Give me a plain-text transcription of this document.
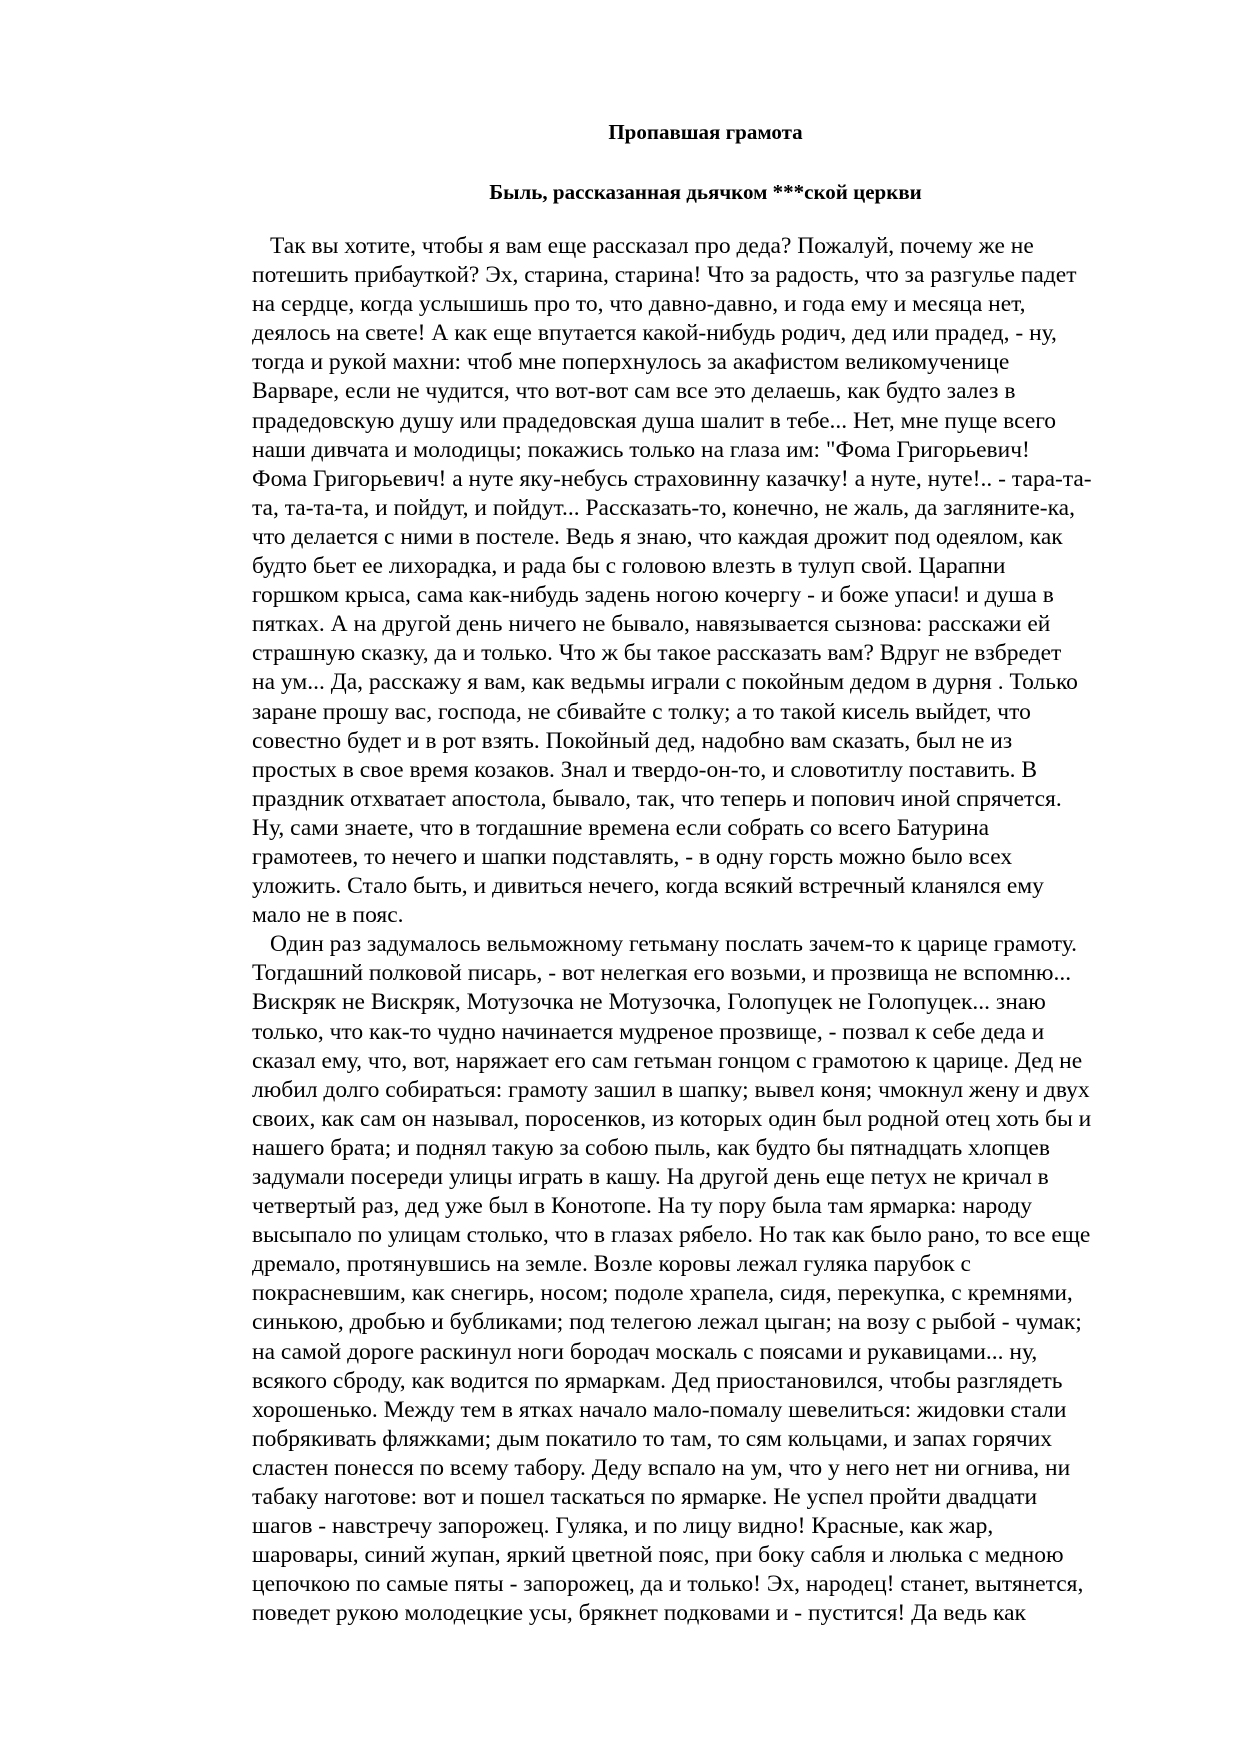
Пропавшая грамота
Быль, рассказанная дьячком ***ской церкви
Так вы хотите, чтобы я вам еще рассказал про деда? Пожалуй, почему же не
потешить прибауткой? Эх, старина, старина! Что за радость, что за разгулье падет
на сердце, когда услышишь про то, что давно-давно, и года ему и месяца нет,
деялось на свете! А как еще впутается какой-нибудь родич, дед или прадед, - ну,
тогда и рукой махни: чтоб мне поперхнулось за акафистом великомученице
Варваре, если не чудится, что вот-вот сам все это делаешь, как будто залез в
прадедовскую душу или прадедовская душа шалит в тебе... Нет, мне пуще всего
наши дивчата и молодицы; покажись только на глаза им: "Фома Григорьевич!
Фома Григорьевич! а нуте яку-небусь страховинну казачку! а нуте, нуте!.. - тара-та-
та, та-та-та, и пойдут, и пойдут... Рассказать-то, конечно, не жаль, да загляните-ка,
что делается с ними в постеле. Ведь я знаю, что каждая дрожит под одеялом, как
будто бьет ее лихорадка, и рада бы с головою влезть в тулуп свой. Царапни
горшком крыса, сама как-нибудь задень ногою кочергу - и боже упаси! и душа в
пятках. А на другой день ничего не бывало, навязывается сызнова: расскажи ей
страшную сказку, да и только. Что ж бы такое рассказать вам? Вдруг не взбредет
на ум... Да, расскажу я вам, как ведьмы играли с покойным дедом в дурня . Только
заране прошу вас, господа, не сбивайте с толку; а то такой кисель выйдет, что
совестно будет и в рот взять. Покойный дед, надобно вам сказать, был не из
простых в свое время козаков. Знал и твердо-он-то, и словотитлу поставить. В
праздник отхватает апостола, бывало, так, что теперь и попович иной спрячется.
Ну, сами знаете, что в тогдашние времена если собрать со всего Батурина
грамотеев, то нечего и шапки подставлять, - в одну горсть можно было всех
уложить. Стало быть, и дивиться нечего, когда всякий встречный кланялся ему
мало не в пояс.
Один раз задумалось вельможному гетьману послать зачем-то к царице грамоту.
Тогдашний полковой писарь, - вот нелегкая его возьми, и прозвища не вспомню...
Вискряк не Вискряк, Мотузочка не Мотузочка, Голопуцек не Голопуцек... знаю
только, что как-то чудно начинается мудреное прозвище, - позвал к себе деда и
сказал ему, что, вот, наряжает его сам гетьман гонцом с грамотою к царице. Дед не
любил долго собираться: грамоту зашил в шапку; вывел коня; чмокнул жену и двух
своих, как сам он называл, поросенков, из которых один был родной отец хоть бы и
нашего брата; и поднял такую за собою пыль, как будто бы пятнадцать хлопцев
задумали посереди улицы играть в кашу. На другой день еще петух не кричал в
четвертый раз, дед уже был в Конотопе. На ту пору была там ярмарка: народу
высыпало по улицам столько, что в глазах рябело. Но так как было рано, то все еще
дремало, протянувшись на земле. Возле коровы лежал гуляка парубок с
покрасневшим, как снегирь, носом; подоле храпела, сидя, перекупка, с кремнями,
синькою, дробью и бубликами; под телегою лежал цыган; на возу с рыбой - чумак;
на самой дороге раскинул ноги бородач москаль с поясами и рукавицами... ну,
всякого сброду, как водится по ярмаркам. Дед приостановился, чтобы разглядеть
хорошенько. Между тем в ятках начало мало-помалу шевелиться: жидовки стали
побрякивать фляжками; дым покатило то там, то сям кольцами, и запах горячих
сластен понесся по всему табору. Деду вспало на ум, что у него нет ни огнива, ни
табаку наготове: вот и пошел таскаться по ярмарке. Не успел пройти двадцати
шагов - навстречу запорожец. Гуляка, и по лицу видно! Красные, как жар,
шаровары, синий жупан, яркий цветной пояс, при боку сабля и люлька с медною
цепочкою по самые пяты - запорожец, да и только! Эх, народец! станет, вытянется,
поведет рукою молодецкие усы, брякнет подковами и - пустится! Да ведь как
